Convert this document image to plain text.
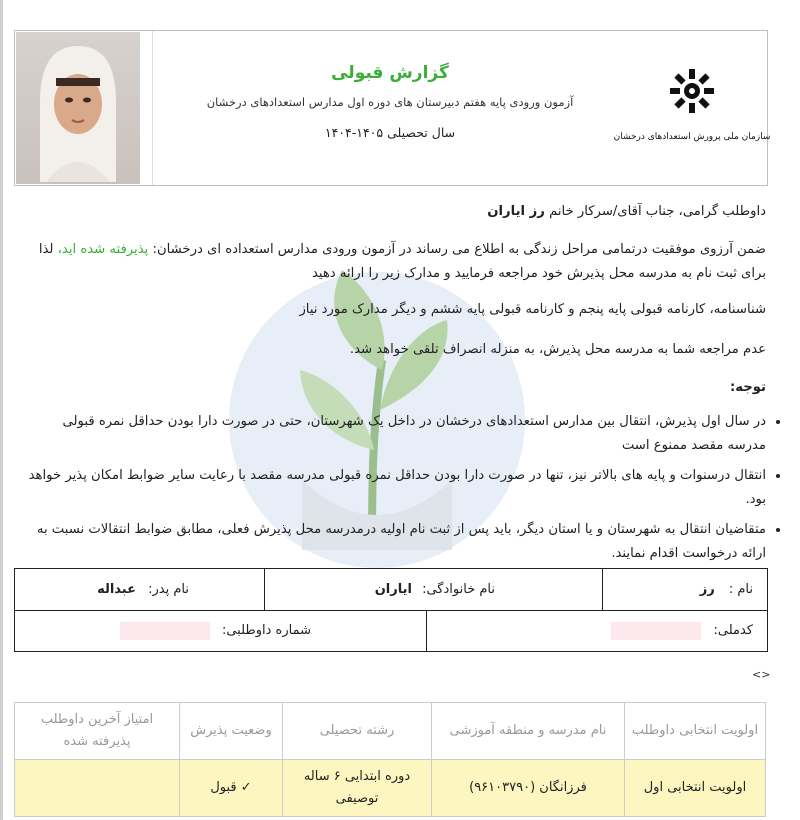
گزارش قبولی
آزمون ورودی پایه هفتم دبیرستان های دوره اول مدارس استعدادهای درخشان
سال تحصیلی ۱۴۰۵-۱۴۰۴	سازمان ملی پرورش استعدادهای درخشان
داوطلب گرامی، جناب آقای/سرکار خانم رز ایاران
ضمن آرزوی موفقیت درتمامی مراحل زندگی به اطلاع می رساند در آزمون ورودی مدارس استعداده ای درخشان: پذیرفته شده اید، لذا برای ثبت نام به مدرسه محل پذیرش خود مراجعه فرمایید و مدارک زیر را ارائه دهید
شناسنامه، کارنامه قبولی پایه پنجم و کارنامه قبولی پایه ششم و دیگر مدارک مورد نیاز
عدم مراجعه شما به مدرسه محل پذیرش، به منزله انصراف تلقی خواهد شد.
توجه:
• در سال اول پذیرش، انتقال بین مدارس استعدادهای درخشان در داخل یک شهرستان، حتی در صورت دارا بودن حداقل نمره قبولی مدرسه مقصد ممنوع است
• انتقال درسنوات و پایه های بالاتر نیز، تنها در صورت دارا بودن حداقل نمره قبولی مدرسه مقصد با رعایت سایر ضوابط امکان پذیر خواهد بود.
• متقاضیان انتقال به شهرستان و یا استان دیگر، باید پس از ثبت نام اولیه درمدرسه محل پذیرش فعلی، مطابق ضوابط انتقالات نسبت به ارائه درخواست اقدام نمایند.
نام : رز
نام خانوادگی: ایاران
نام پدر: عبداله
کدملی:
شماره داوطلبی:
<>
اولویت انتخابی داوطلب	نام مدرسه و منطقه آموزشی	رشته تحصیلی	وضعیت پذیرش	امتیاز آخرین داوطلب پذیرفته شده
اولویت انتخابی اول	فرزانگان (۹۶۱۰۳۷۹۰)	دوره ابتدایی ۶ ساله توصیفی	✓ قبول	
